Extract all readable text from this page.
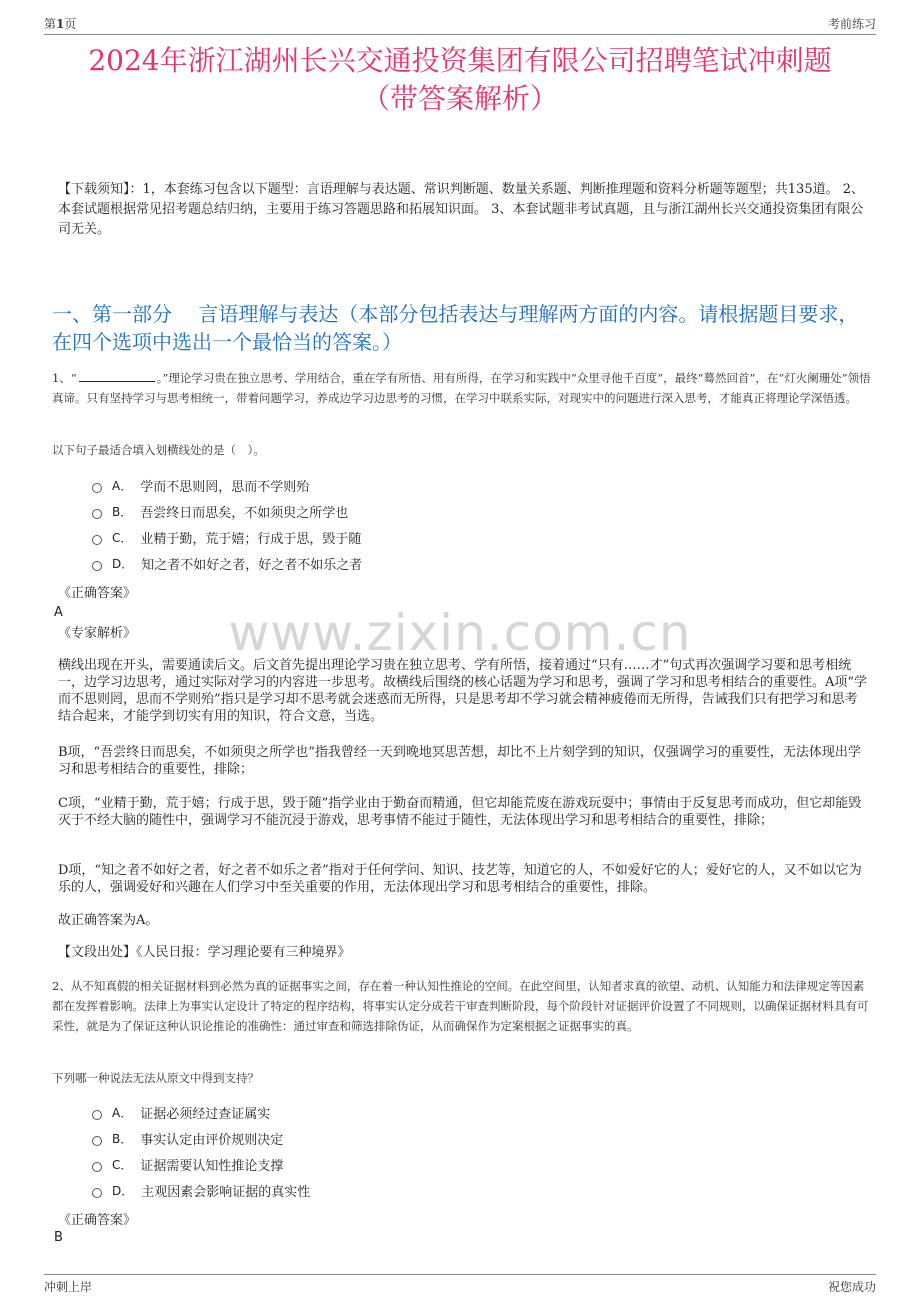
第1页	考前练习
2024年浙江湖州长兴交通投资集团有限公司招聘笔试冲刺题
（带答案解析）

【下载须知】：1，本套练习包含以下题型：言语理解与表达题、常识判断题、数量关系题、判断推理题和资料分析题等题型；共135道。 2、本套试题根据常见招考题总结归纳，主要用于练习答题思路和拓展知识面。 3、本套试题非考试真题，且与浙江湖州长兴交通投资集团有限公司无关。

一、第一部分　 言语理解与表达（本部分包括表达与理解两方面的内容。请根据题目要求，在四个选项中选出一个最恰当的答案。）

1、“	。”理论学习贵在独立思考、学用结合，重在学有所悟、用有所得，在学习和实践中“众里寻他千百度”，最终“蓦然回首”，在“灯火阑珊处”领悟真谛。只有坚持学习与思考相统一，带着问题学习，养成边学习边思考的习惯，在学习中联系实际，对现实中的问题进行深入思考，才能真正将理论学深悟透。

以下句子最适合填入划横线处的是（　）。

A． 学而不思则罔，思而不学则殆
B． 吾尝终日而思矣，不如须臾之所学也
C． 业精于勤，荒于嬉；行成于思，毁于随
D． 知之者不如好之者，好之者不如乐之者
《正确答案》
A
《专家解析》	www.zixin.com.cn

横线出现在开头，需要通读后文。后文首先提出理论学习贵在独立思考、学有所悟，接着通过“只有……才”句式再次强调学习要和思考相统一，边学习边思考，通过实际对学习的内容进一步思考。故横线后围绕的核心话题为学习和思考，强调了学习和思考相结合的重要性。A项“学而不思则罔，思而不学则殆”指只是学习却不思考就会迷惑而无所得，只是思考却不学习就会精神疲倦而无所得，告诫我们只有把学习和思考结合起来，才能学到切实有用的知识，符合文意，当选。

B项，“吾尝终日而思矣，不如须臾之所学也”指我曾经一天到晚地冥思苦想，却比不上片刻学到的知识，仅强调学习的重要性，无法体现出学习和思考相结合的重要性，排除；

C项，“业精于勤，荒于嬉；行成于思，毁于随”指学业由于勤奋而精通，但它却能荒废在游戏玩耍中；事情由于反复思考而成功，但它却能毁灭于不经大脑的随性中，强调学习不能沉浸于游戏，思考事情不能过于随性，无法体现出学习和思考相结合的重要性，排除；

D项，“知之者不如好之者，好之者不如乐之者”指对于任何学问、知识、技艺等，知道它的人，不如爱好它的人；爱好它的人，又不如以它为乐的人，强调爱好和兴趣在人们学习中至关重要的作用，无法体现出学习和思考相结合的重要性，排除。

故正确答案为A。

【文段出处】《人民日报：学习理论要有三种境界》

2、从不知真假的相关证据材料到必然为真的证据事实之间，存在着一种认知性推论的空间。在此空间里，认知者求真的欲望、动机、认知能力和法律规定等因素都在发挥着影响。法律上为事实认定设计了特定的程序结构，将事实认定分成若干审查判断阶段，每个阶段针对证据评价设置了不同规则，以确保证据材料具有可采性，就是为了保证这种认识论推论的准确性：通过审查和筛选排除伪证，从而确保作为定案根据之证据事实的真。

下列哪一种说法无法从原文中得到支持？

A． 证据必须经过查证属实
B． 事实认定由评价规则决定
C． 证据需要认知性推论支撑
D． 主观因素会影响证据的真实性
《正确答案》
B
冲刺上岸	祝您成功
